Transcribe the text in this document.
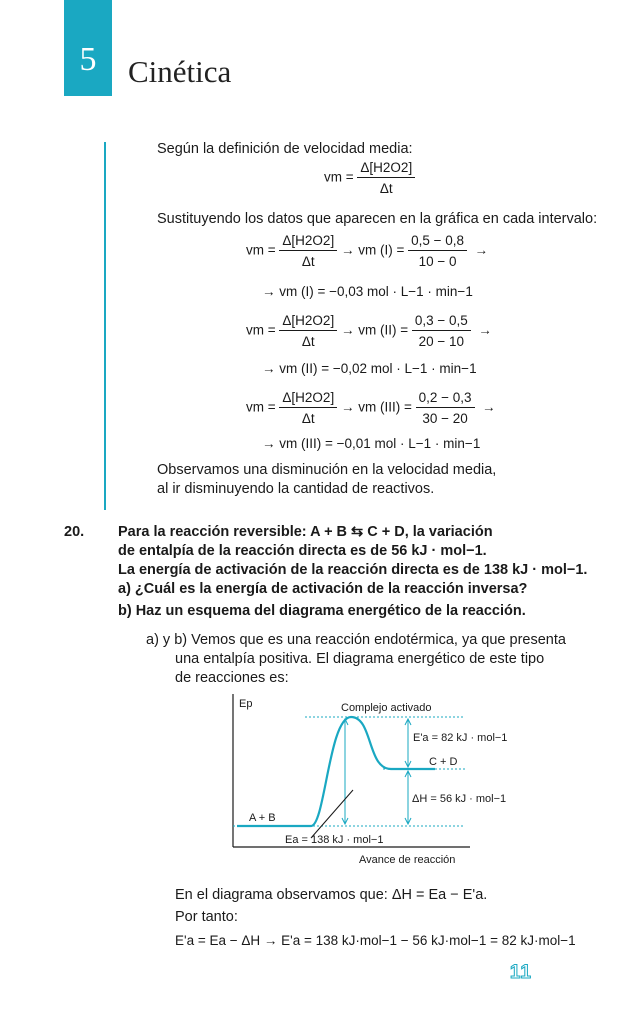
5	Cinética
Según la definición de velocidad media:
vm = $\frac{\Delta[H2O2]}{\Delta t}$
Sustituyendo los datos que aparecen en la gráfica en cada intervalo:
vm = $\frac{\Delta[H2O2]}{\Delta t}$ → vm $(I) = \frac{0,5 - 0,8}{10 - 0}$ →
→ vm (I) = −0,03 mol · L−1 · min−1
vm = $\frac{\Delta[H2O2]}{\Delta t}$ → vm $(II) = \frac{0,3 - 0,5}{20 - 10}$ →
→ vm (II) = −0,02 mol · L−1 · min−1
vm = $\frac{\Delta[H2O2]}{\Delta t}$ → vm $(III) = \frac{0,2 - 0,3}{30 - 20}$ →
→ vm (III) = −0,01 mol · L−1 · min−1
Observamos una disminución en la velocidad media,
al ir disminuyendo la cantidad de reactivos.
20. Para la reacción reversible: A + B ⇆ C + D, la variación
de entalpía de la reacción directa es de 56 kJ · mol−1.
La energía de activación de la reacción directa es de 138 kJ · mol−1.
a) ¿Cuál es la energía de activación de la reacción inversa?
b) Haz un esquema del diagrama energético de la reacción.
a) y b) Vemos que es una reacción endotérmica, ya que presenta
una entalpía positiva. El diagrama energético de este tipo
de reacciones es:
Ep	Complejo activado
E'a = 82 kJ · mol−1
C + D
ΔH = 56 kJ · mol−1
A + B
Ea = 138 kJ · mol−1
Avance de reacción
En el diagrama observamos que: ΔH = Ea − E'a.
Por tanto:
E'a = Ea − ΔH → E'a = 138 kJ·mol−1 − 56 kJ·mol−1 = 82 kJ·mol−1
11
